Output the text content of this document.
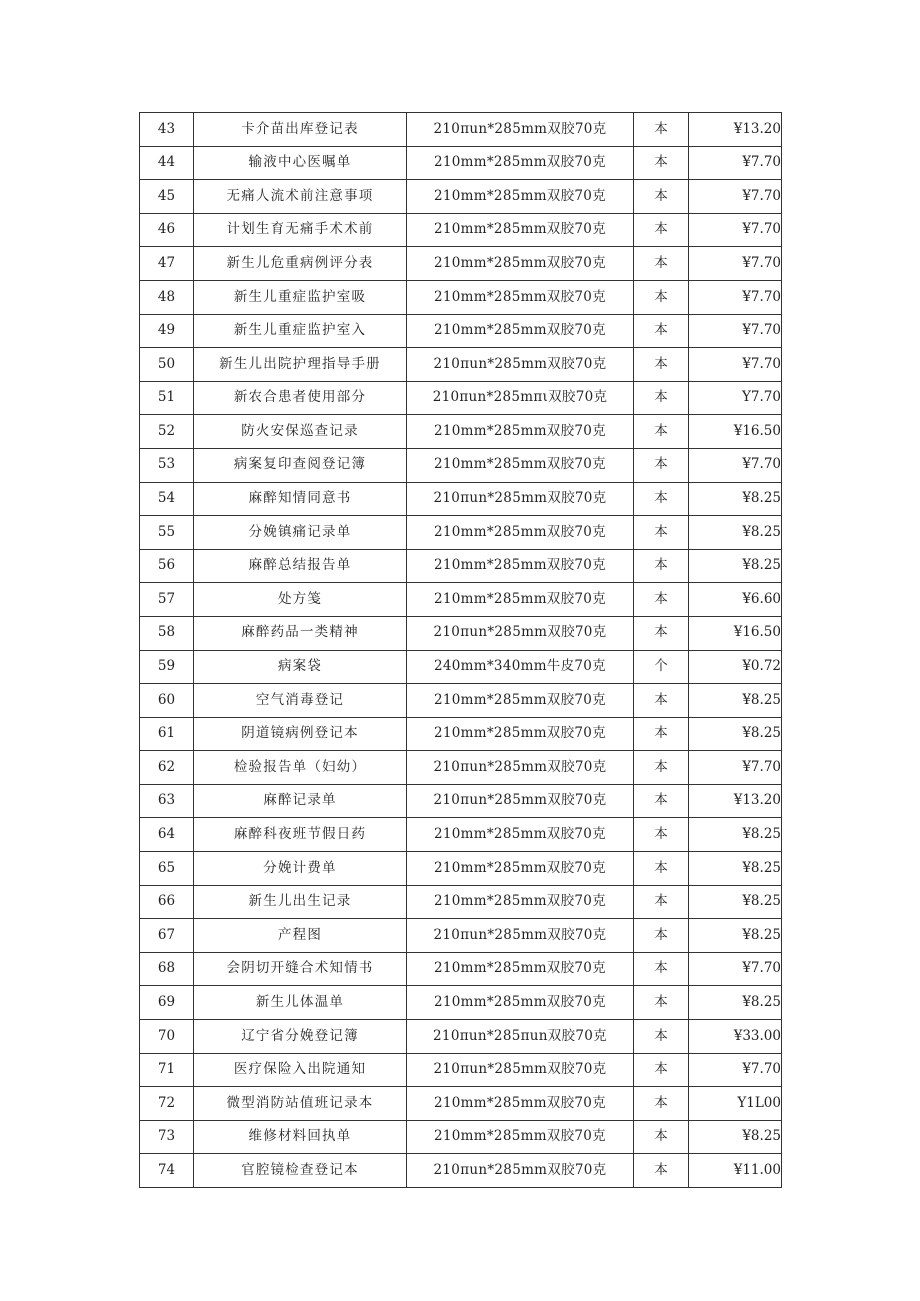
43	卡介苗出库登记表	210πun*285mm双胶70克	本	¥13.20
44	输液中心医嘱单	210mm*285mm双胶70克	本	¥7.70
45	无痛人流术前注意事项	210mm*285mm双胶70克	本	¥7.70
46	计划生育无痛手术术前	210mm*285mm双胶70克	本	¥7.70
47	新生儿危重病例评分表	210mm*285mm双胶70克	本	¥7.70
48	新生儿重症监护室吸	210mm*285mm双胶70克	本	¥7.70
49	新生儿重症监护室入	210mm*285mm双胶70克	本	¥7.70
50	新生儿出院护理指导手册	210πun*285mm双胶70克	本	¥7.70
51	新农合患者使用部分	210πun*285mπι双胶70克	本	Y7.70
52	防火安保巡查记录	210mm*285mm双胶70克	本	¥16.50
53	病案复印查阅登记簿	210mm*285mm双胶70克	本	¥7.70
54	麻醉知情同意书	210πun*285mm双胶70克	本	¥8.25
55	分娩镇痛记录单	210mm*285mm双胶70克	本	¥8.25
56	麻醉总结报告单	210mm*285mm双胶70克	本	¥8.25
57	处方笺	210mm*285mm双胶70克	本	¥6.60
58	麻醉药品一类精神	210πun*285mm双胶70克	本	¥16.50
59	病案袋	240mm*340mm牛皮70克	个	¥0.72
60	空气消毒登记	210mm*285mm双胶70克	本	¥8.25
61	阴道镜病例登记本	210mm*285mm双胶70克	本	¥8.25
62	检验报告单（妇幼）	210πun*285mm双胶70克	本	¥7.70
63	麻醉记录单	210πun*285mm双胶70克	本	¥13.20
64	麻醉科夜班节假日药	210mm*285mm双胶70克	本	¥8.25
65	分娩计费单	210mm*285mm双胶70克	本	¥8.25
66	新生儿出生记录	210mm*285mm双胶70克	本	¥8.25
67	产程图	210πun*285mm双胶70克	本	¥8.25
68	会阴切开缝合术知情书	210mm*285mm双胶70克	本	¥7.70
69	新生儿体温单	210mm*285mm双胶70克	本	¥8.25
70	辽宁省分娩登记簿	210πun*285πun双胶70克	本	¥33.00
71	医疗保险入出院通知	210πun*285mm双胶70克	本	¥7.70
72	微型消防站值班记录本	210mm*285mm双胶70克	本	Y1L00
73	维修材料回执单	210mm*285mm双胶70克	本	¥8.25
74	官腔镜检查登记本	210πun*285mm双胶70克	本	¥11.00
